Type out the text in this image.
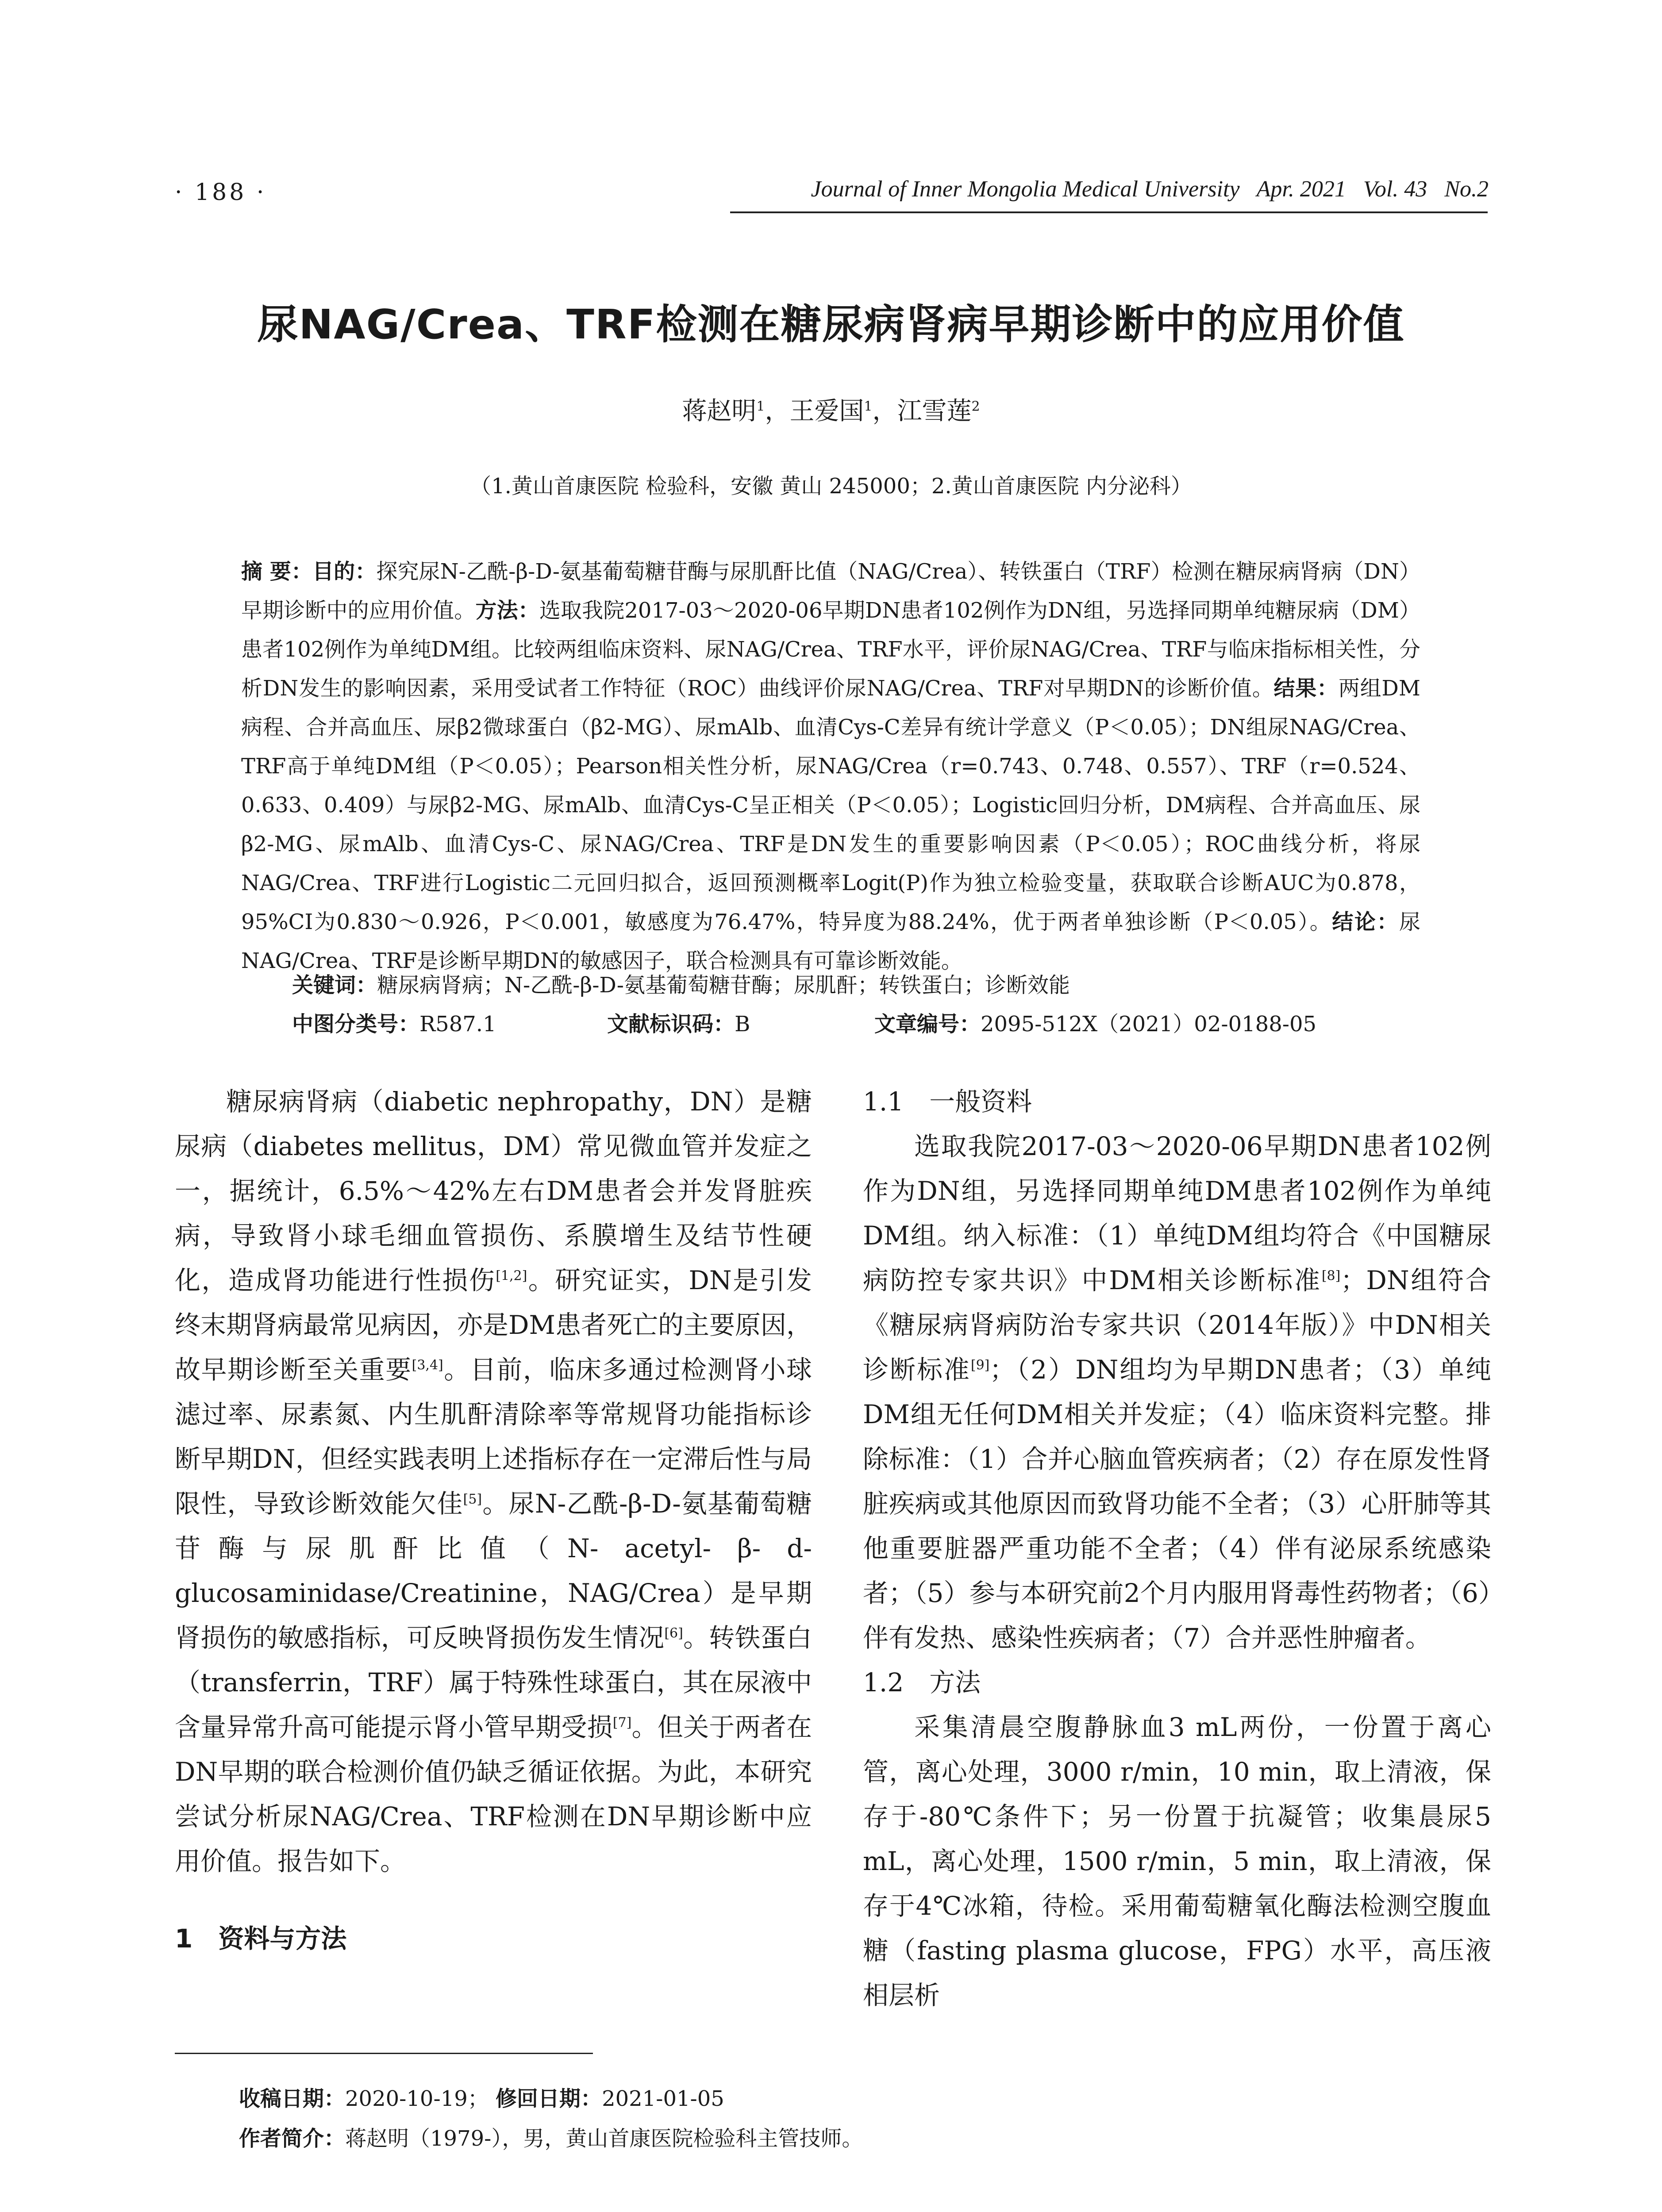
· 188 ·	Journal of Inner Mongolia Medical University Apr. 2021 Vol. 43 No.2
尿NAG/Crea、TRF检测在糖尿病肾病早期诊断中的应用价值
蒋赵明$^1$，王爱国$^1$，江雪莲$^2$
（1.黄山首康医院 检验科，安徽 黄山 245000；2.黄山首康医院 内分泌科）
摘 要：目的：探究尿N-乙酰-β-D-氨基葡萄糖苷酶与尿肌酐比值（NAG/Crea）、转铁蛋白（TRF）检测在糖尿病肾病（DN）早期诊断中的应用价值。方法：选取我院2017-03～2020-06早期DN患者102例作为DN组，另选择同期单纯糖尿病（DM）患者102例作为单纯DM组。比较两组临床资料、尿NAG/Crea、TRF水平，评价尿NAG/Crea、TRF与临床指标相关性，分析DN发生的影响因素，采用受试者工作特征（ROC）曲线评价尿NAG/Crea、TRF对早期DN的诊断价值。结果：两组DM病程、合并高血压、尿β2微球蛋白（β2-MG）、尿mAlb、血清Cys-C差异有统计学意义（P＜0.05）；DN组尿NAG/Crea、TRF高于单纯DM组（P＜0.05）；Pearson相关性分析，尿NAG/Crea（r=0.743、0.748、0.557）、TRF（r=0.524、0.633、0.409）与尿β2-MG、尿mAlb、血清Cys-C呈正相关（P＜0.05）；Logistic回归分析，DM病程、合并高血压、尿β2-MG、尿mAlb、血清Cys-C、尿NAG/Crea、TRF是DN发生的重要影响因素（P＜0.05）；ROC曲线分析，将尿NAG/Crea、TRF进行Logistic二元回归拟合，返回预测概率Logit(P)作为独立检验变量，获取联合诊断AUC为0.878，95%CI为0.830～0.926，P＜0.001，敏感度为76.47%，特异度为88.24%，优于两者单独诊断（P＜0.05）。结论：尿NAG/Crea、TRF是诊断早期DN的敏感因子，联合检测具有可靠诊断效能。
关键词：糖尿病肾病；N-乙酰-β-D-氨基葡萄糖苷酶；尿肌酐；转铁蛋白；诊断效能
中图分类号：R587.1	文献标识码：B	文章编号：2095-512X（2021）02-0188-05

糖尿病肾病（diabetic nephropathy，DN）是糖尿病（diabetes mellitus，DM）常见微血管并发症之一，据统计，6.5%～42%左右DM患者会并发肾脏疾病，导致肾小球毛细血管损伤、系膜增生及结节性硬化，造成肾功能进行性损伤[1,2]。研究证实，DN是引发终末期肾病最常见病因，亦是DM患者死亡的主要原因，故早期诊断至关重要[3,4]。目前，临床多通过检测肾小球滤过率、尿素氮、内生肌酐清除率等常规肾功能指标诊断早期DN，但经实践表明上述指标存在一定滞后性与局限性，导致诊断效能欠佳[5]。尿N-乙酰-β-D-氨基葡萄糖苷酶与尿肌酐比值（N- acetyl- β- d- glucosaminidase/Creatinine，NAG/Crea）是早期肾损伤的敏感指标，可反映肾损伤发生情况[6]。转铁蛋白（transferrin，TRF）属于特殊性球蛋白，其在尿液中含量异常升高可能提示肾小管早期受损[7]。但关于两者在DN早期的联合检测价值仍缺乏循证依据。为此，本研究尝试分析尿NAG/Crea、TRF检测在DN早期诊断中应用价值。报告如下。

1　资料与方法

1.1　一般资料

选取我院2017-03～2020-06早期DN患者102例作为DN组，另选择同期单纯DM患者102例作为单纯DM组。纳入标准：（1）单纯DM组均符合《中国糖尿病防控专家共识》中DM相关诊断标准[8]；DN组符合《糖尿病肾病防治专家共识（2014年版）》中DN相关诊断标准[9]；（2）DN组均为早期DN患者；（3）单纯DM组无任何DM相关并发症；（4）临床资料完整。排除标准：（1）合并心脑血管疾病者；（2）存在原发性肾脏疾病或其他原因而致肾功能不全者；（3）心肝肺等其他重要脏器严重功能不全者；（4）伴有泌尿系统感染者；（5）参与本研究前2个月内服用肾毒性药物者；（6）伴有发热、感染性疾病者；（7）合并恶性肿瘤者。

1.2　方法

采集清晨空腹静脉血3 mL两份，一份置于离心管，离心处理，3000 r/min，10 min，取上清液，保存于-80℃条件下；另一份置于抗凝管；收集晨尿5 mL，离心处理，1500 r/min，5 min，取上清液，保存于4℃冰箱，待检。采用葡萄糖氧化酶法检测空腹血糖（fasting plasma glucose，FPG）水平，高压液相层析

收稿日期：2020-10-19； 修回日期：2021-01-05
作者简介：蒋赵明（1979-），男，黄山首康医院检验科主管技师。
